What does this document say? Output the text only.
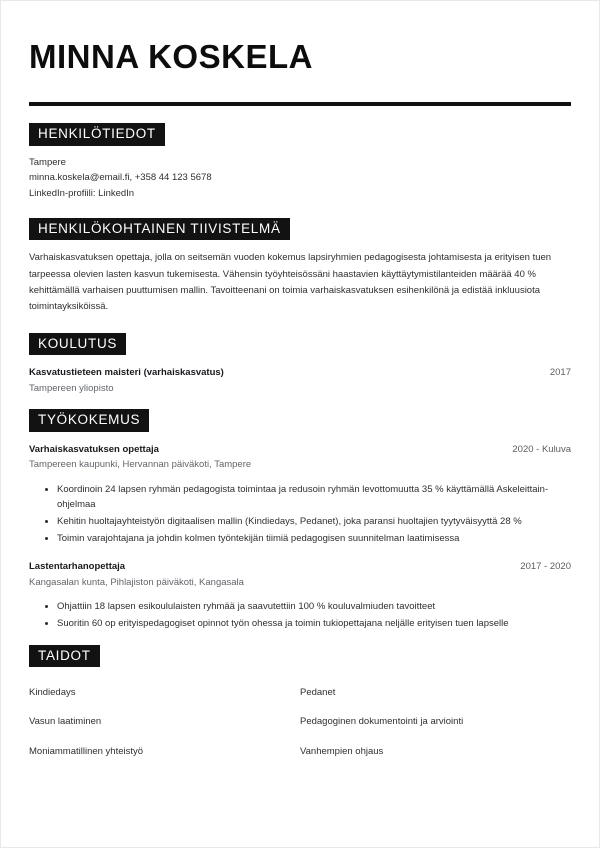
MINNA KOSKELA
HENKILÖTIEDOT
Tampere
minna.koskela@email.fi, +358 44 123 5678
LinkedIn-profiili: LinkedIn
HENKILÖKOHTAINEN TIIVISTELMÄ

Varhaiskasvatuksen opettaja, jolla on seitsemän vuoden kokemus lapsiryhmien pedagogisesta johtamisesta ja erityisen tuen tarpeessa olevien lasten kasvun tukemisesta. Vähensin työyhteisössäni haastavien käyttäytymistilanteiden määrää 40 % kehittämällä varhaisen puuttumisen mallin. Tavoitteenani on toimia varhaiskasvatuksen esihenkilönä ja edistää inkluusiota toimintayksiköissä.

KOULUTUS
Kasvatustieteen maisteri (varhaiskasvatus)	2017
Tampereen yliopisto
TYÖKOKEMUS
Varhaiskasvatuksen opettaja	2020 - Kuluva
Tampereen kaupunki, Hervannan päiväkoti, Tampere
Koordinoin 24 lapsen ryhmän pedagogista toimintaa ja redusoin ryhmän levottomuutta 35 % käyttämällä Askeleittain-ohjelmaa
Kehitin huoltajayhteistyön digitaalisen mallin (Kindiedays, Pedanet), joka paransi huoltajien tyytyväisyyttä 28 %
Toimin varajohtajana ja johdin kolmen työntekijän tiimiä pedagogisen suunnitelman laatimisessa
Lastentarhanopettaja	2017 - 2020
Kangasalan kunta, Pihlajiston päiväkoti, Kangasala
Ohjattiin 18 lapsen esikoululaisten ryhmää ja saavutettiin 100 % kouluvalmiuden tavoitteet
Suoritin 60 op erityispedagogiset opinnot työn ohessa ja toimin tukiopettajana neljälle erityisen tuen lapselle
TAIDOT
Kindiedays	Pedanet
Vasun laatiminen	Pedagoginen dokumentointi ja arviointi
Moniammatillinen yhteistyö	Vanhempien ohjaus
